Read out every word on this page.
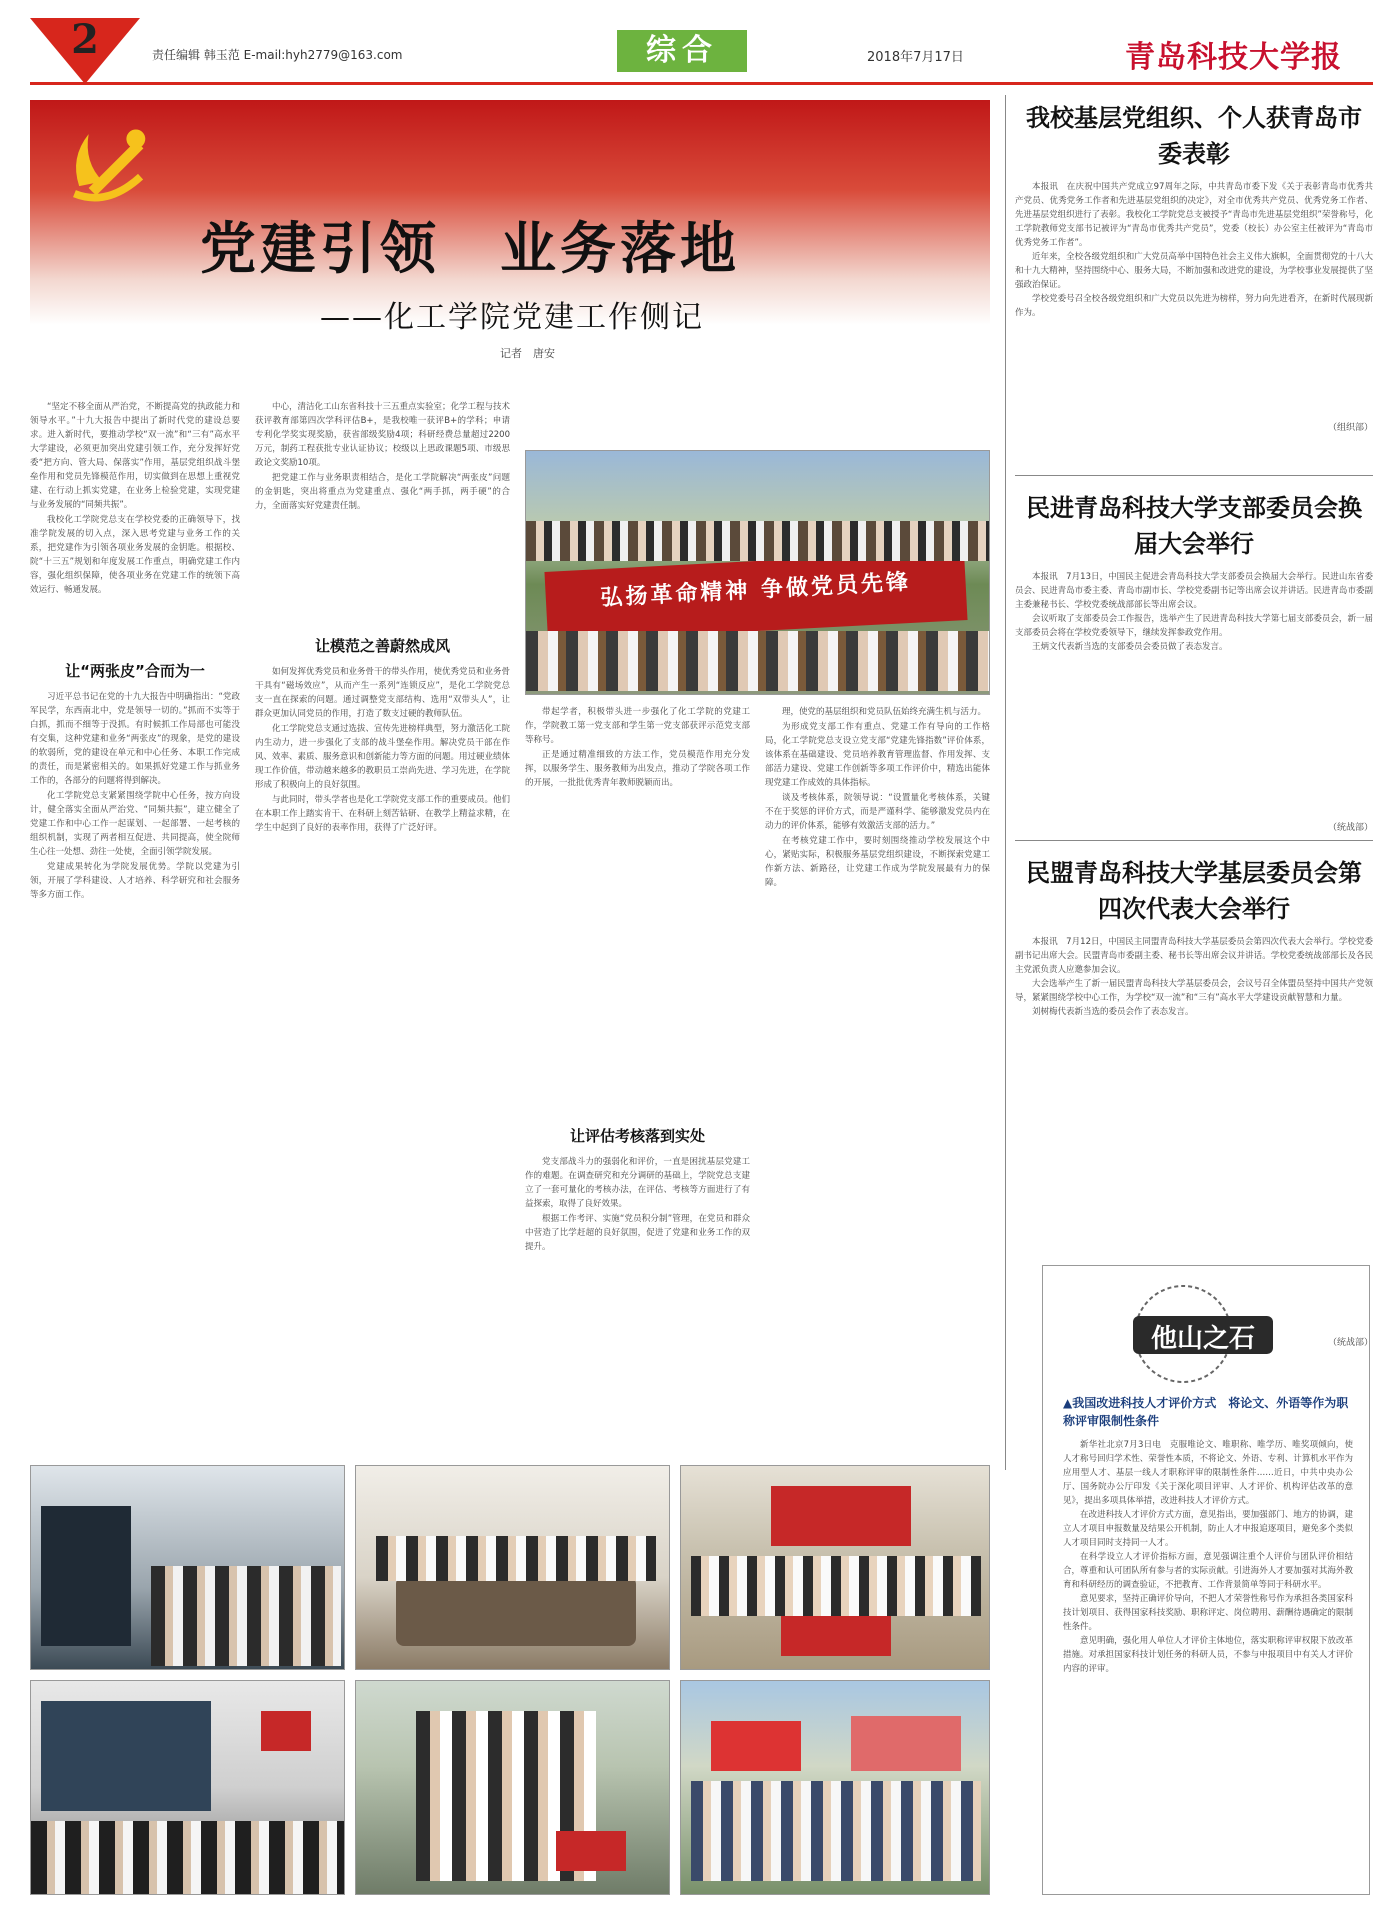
2	责任编辑 韩玉范 E-mail:hyh2779@163.com	综合	2018年7月17日	青岛科技大学报
党建引领　业务落地
——化工学院党建工作侧记
记者　唐安
弘扬革命精神 争做党员先锋

“坚定不移全面从严治党，不断提高党的执政能力和领导水平。”十九大报告中提出了新时代党的建设总要求。进入新时代，要推动学校“双一流”和“三有”高水平大学建设，必须更加突出党建引领工作，充分发挥好党委“把方向、管大局、保落实”作用，基层党组织战斗堡垒作用和党员先锋模范作用，切实做到在思想上重视党建、在行动上抓实党建，在业务上检验党建，实现党建与业务发展的“同频共振”。

我校化工学院党总支在学校党委的正确领导下，找准学院发展的切入点，深入思考党建与业务工作的关系，把党建作为引领各项业务发展的金钥匙。根据校、院“十三五”规划和年度发展工作重点，明确党建工作内容，强化组织保障，使各项业务在党建工作的统领下高效运行、畅通发展。

让“两张皮”合而为一

习近平总书记在党的十九大报告中明确指出：“党政军民学，东西南北中，党是领导一切的。”抓而不实等于白抓，抓而不细等于没抓。有时候抓工作局部也可能没有交集，这种党建和业务“两张皮”的现象，是党的建设的软弱所，党的建设在单元和中心任务、本职工作完成的责任，而是紧密相关的。如果抓好党建工作与抓业务工作的，各部分的问题将得到解决。

化工学院党总支紧紧围绕学院中心任务，按方向设计，健全落实全面从严治党、“同频共振”，建立健全了党建工作和中心工作一起谋划、一起部署、一起考核的组织机制，实现了两者相互促进、共同提高，使全院师生心往一处想、劲往一处使，全面引领学院发展。

党建成果转化为学院发展优势。学院以党建为引领，开展了学科建设、人才培养、科学研究和社会服务等多方面工作。

中心，清洁化工山东省科技十三五重点实验室；化学工程与技术获评教育部第四次学科评估B+，是我校唯一获评B+的学科；申请专利化学奖实现奖励，获省部级奖励4项；科研经费总量超过2200万元，制药工程获批专业认证协议；校级以上思政课题5项、市级思政论文奖励10项。

把党建工作与业务职责相结合，是化工学院解决“两张皮”问题的金钥匙，突出将重点为党建重点、强化“两手抓，两手硬”的合力，全面落实好党建责任制。

让模范之善蔚然成风

如何发挥优秀党员和业务骨干的带头作用，使优秀党员和业务骨干具有“磁场效应”，从而产生一系列“连锁反应”，是化工学院党总支一直在探索的问题。通过调整党支部结构、选用“双带头人”，让群众更加认同党员的作用，打造了数支过硬的教师队伍。

化工学院党总支通过选拔、宣传先进榜样典型，努力激活化工院内生动力，进一步强化了支部的战斗堡垒作用。解决党员干部在作风、效率、素质、服务意识和创新能力等方面的问题。用过硬业绩体现工作价值，带动越来越多的教职员工崇尚先进、学习先进，在学院形成了积极向上的良好氛围。

与此同时，带头学者也是化工学院党支部工作的重要成员。他们在本职工作上踏实肯干、在科研上刻苦钻研、在教学上精益求精，在学生中起到了良好的表率作用，获得了广泛好评。

带起学者，积极带头进一步强化了化工学院的党建工作，学院教工第一党支部和学生第一党支部获评示范党支部等称号。

正是通过精准细致的方法工作，党员模范作用充分发挥，以服务学生、服务教师为出发点，推动了学院各项工作的开展，一批批优秀青年教师脱颖而出。

让评估考核落到实处

党支部战斗力的强弱化和评价，一直是困扰基层党建工作的难题。在调查研究和充分调研的基础上，学院党总支建立了一套可量化的考核办法，在评估、考核等方面进行了有益探索，取得了良好效果。

根据工作考评、实施“党员积分制”管理，在党员和群众中营造了比学赶超的良好氛围，促进了党建和业务工作的双提升。

理，使党的基层组织和党员队伍始终充满生机与活力。

为形成党支部工作有重点、党建工作有导向的工作格局，化工学院党总支设立党支部“党建先锋指数”评价体系，该体系在基础建设、党员培养教育管理监督、作用发挥、支部活力建设、党建工作创新等多项工作评价中，精选出能体现党建工作成效的具体指标。

谈及考核体系，院领导说：“设置量化考核体系，关键不在于奖惩的评价方式，而是严谨科学、能够激发党员内在动力的评价体系，能够有效激活支部的活力。”

在考核党建工作中，要时刻围绕推动学校发展这个中心，紧贴实际，积极服务基层党组织建设，不断探索党建工作新方法、新路径，让党建工作成为学院发展最有力的保障。

我校基层党组织、个人获青岛市委表彰

本报讯　在庆祝中国共产党成立97周年之际，中共青岛市委下发《关于表彰青岛市优秀共产党员、优秀党务工作者和先进基层党组织的决定》，对全市优秀共产党员、优秀党务工作者、先进基层党组织进行了表彰。我校化工学院党总支被授予“青岛市先进基层党组织”荣誉称号，化工学院教师党支部书记被评为“青岛市优秀共产党员”，党委（校长）办公室主任被评为“青岛市优秀党务工作者”。

近年来，全校各级党组织和广大党员高举中国特色社会主义伟大旗帜，全面贯彻党的十八大和十九大精神，坚持围绕中心、服务大局，不断加强和改进党的建设，为学校事业发展提供了坚强政治保证。

学校党委号召全校各级党组织和广大党员以先进为榜样，努力向先进看齐，在新时代展现新作为。

（组织部）
民进青岛科技大学支部委员会换届大会举行

本报讯　7月13日，中国民主促进会青岛科技大学支部委员会换届大会举行。民进山东省委员会、民进青岛市委主委、青岛市副市长、学校党委副书记等出席会议并讲话。民进青岛市委副主委兼秘书长、学校党委统战部部长等出席会议。

会议听取了支部委员会工作报告，选举产生了民进青岛科技大学第七届支部委员会，新一届支部委员会将在学校党委领导下，继续发挥参政党作用。

王炳文代表新当选的支部委员会委员做了表态发言。

（统战部）
民盟青岛科技大学基层委员会第四次代表大会举行

本报讯　7月12日，中国民主同盟青岛科技大学基层委员会第四次代表大会举行。学校党委副书记出席大会。民盟青岛市委副主委、秘书长等出席会议并讲话。学校党委统战部部长及各民主党派负责人应邀参加会议。

大会选举产生了新一届民盟青岛科技大学基层委员会，会议号召全体盟员坚持中国共产党领导，紧紧围绕学校中心工作，为学校“双一流”和“三有”高水平大学建设贡献智慧和力量。

刘树梅代表新当选的委员会作了表态发言。

（统战部）
他山之石
▲我国改进科技人才评价方式　将论文、外语等作为职称评审限制性条件

新华社北京7月3日电　克服唯论文、唯职称、唯学历、唯奖项倾向，使人才称号回归学术性、荣誉性本质，不将论文、外语、专利、计算机水平作为应用型人才、基层一线人才职称评审的限制性条件……近日，中共中央办公厅、国务院办公厅印发《关于深化项目评审、人才评价、机构评估改革的意见》，提出多项具体举措，改进科技人才评价方式。

在改进科技人才评价方式方面，意见指出，要加强部门、地方的协调，建立人才项目申报数量及结果公开机制，防止人才申报追逐项目，避免多个类似人才项目同时支持同一人才。

在科学设立人才评价指标方面，意见强调注重个人评价与团队评价相结合，尊重和认可团队所有参与者的实际贡献。引进海外人才要加强对其海外教育和科研经历的调查验证，不把教育、工作背景简单等同于科研水平。

意见要求，坚持正确评价导向，不把人才荣誉性称号作为承担各类国家科技计划项目、获得国家科技奖励、职称评定、岗位聘用、薪酬待遇确定的限制性条件。

意见明确，强化用人单位人才评价主体地位，落实职称评审权限下放改革措施。对承担国家科技计划任务的科研人员，不参与申报项目中有关人才评价内容的评审。
